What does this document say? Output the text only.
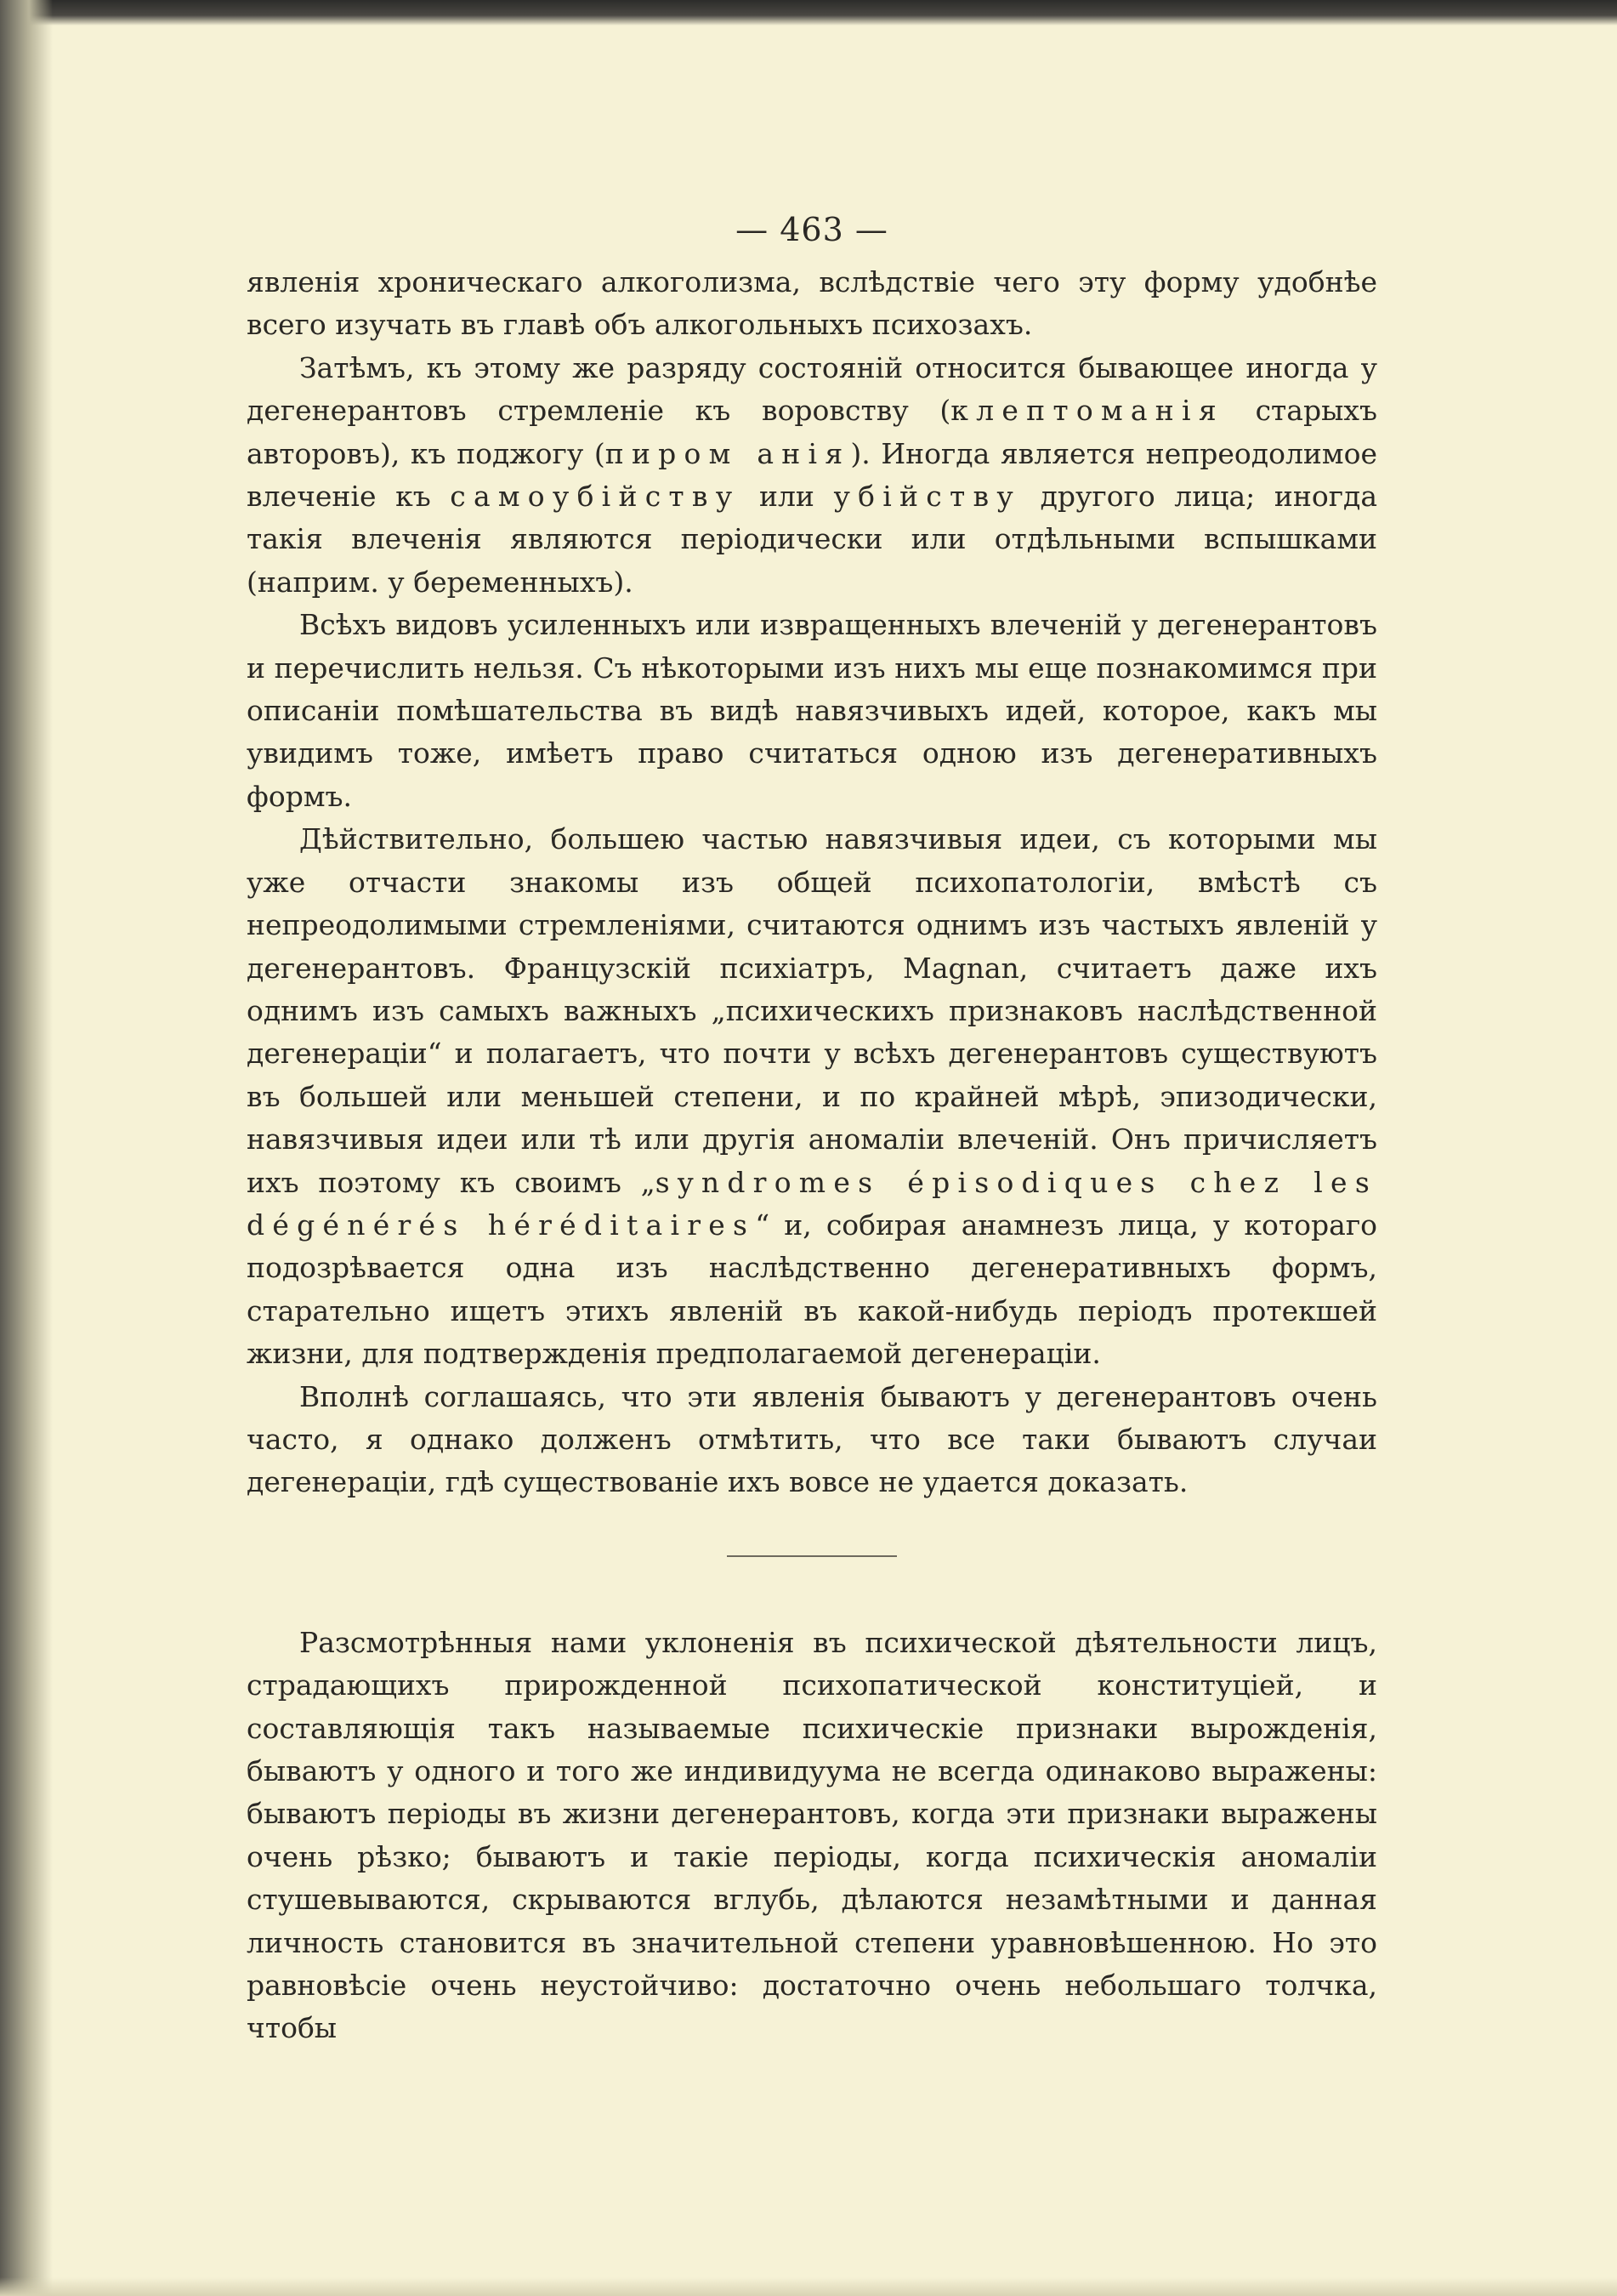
— 463 —

явленія хроническаго алкоголизма, вслѣдствіе чего эту форму удобнѣе всего изучать въ главѣ объ алкогольныхъ психозахъ.

Затѣмъ, къ этому же разряду состояній относится бывающее иногда у дегенерантовъ стремленіе къ воровству (клептоманія старыхъ авторовъ), къ поджогу (пиром анія). Иногда является непреодолимое влеченіе къ самоубійству или убійству другого лица; иногда такія влеченія являются періодически или отдѣльными вспышками (наприм. у беременныхъ).

Всѣхъ видовъ усиленныхъ или извращенныхъ влеченій у дегенерантовъ и перечислить нельзя. Съ нѣкоторыми изъ нихъ мы еще познакомимся при описаніи помѣшательства въ видѣ навязчивыхъ идей, которое, какъ мы увидимъ тоже, имѣетъ право считаться одною изъ дегенеративныхъ формъ.

Дѣйствительно, большею частью навязчивыя идеи, съ которыми мы уже отчасти знакомы изъ общей психопатологіи, вмѣстѣ съ непреодолимыми стремленіями, считаются однимъ изъ частыхъ явленій у дегенерантовъ. Французскій психіатръ, Magnan, считаетъ даже ихъ однимъ изъ самыхъ важныхъ „психическихъ признаковъ наслѣдственной дегенераціи“ и полагаетъ, что почти у всѣхъ дегенерантовъ существуютъ въ большей или меньшей степени, и по крайней мѣрѣ, эпизодически, навязчивыя идеи или тѣ или другія аномаліи влеченій. Онъ причисляетъ ихъ поэтому къ своимъ „syndromes épisodiques chez les dégénérés héréditaires“ и, собирая анамнезъ лица, у котораго подозрѣвается одна изъ наслѣдственно дегенеративныхъ формъ, старательно ищетъ этихъ явленій въ какой-нибудь періодъ протекшей жизни, для подтвержденія предполагаемой дегенераціи.

Вполнѣ соглашаясь, что эти явленія бываютъ у дегенерантовъ очень часто, я однако долженъ отмѣтить, что все таки бываютъ случаи дегенераціи, гдѣ существованіе ихъ вовсе не удается доказать.

Разсмотрѣнныя нами уклоненія въ психической дѣятельности лицъ, страдающихъ прирожденной психопатической конституціей, и составляющія такъ называемые психическіе признаки вырожденія, бываютъ у одного и того же индивидуума не всегда одинаково выражены: бываютъ періоды въ жизни дегенерантовъ, когда эти признаки выражены очень рѣзко; бываютъ и такіе періоды, когда психическія аномаліи стушевываются, скрываются вглубь, дѣлаются незамѣтными и данная личность становится въ значительной степени уравновѣшенною. Но это равновѣсіе очень неустойчиво: достаточно очень небольшаго толчка, чтобы
